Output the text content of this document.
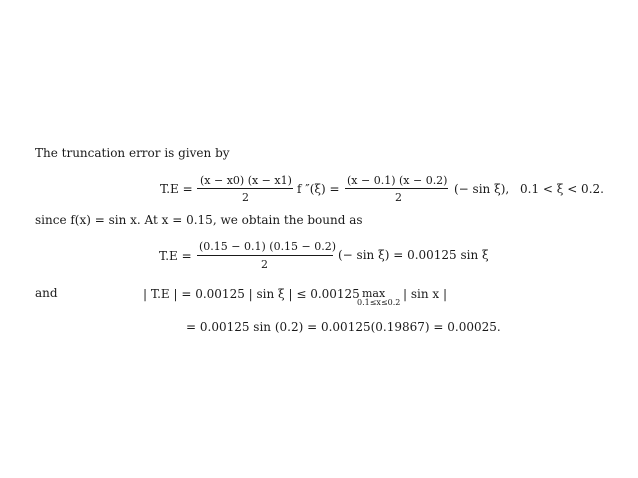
The truncation error is given by
T.E =
(x − x0) (x − x1)
2
f ″(ξ) =
(x − 0.1) (x − 0.2)
2
(− sin ξ), 0.1 < ξ < 0.2.
since f(x) = sin x. At x = 0.15, we obtain the bound as
T.E =
(0.15 − 0.1) (0.15 − 0.2)
2
(− sin ξ) = 0.00125 sin ξ
and	| T.E | = 0.00125 | sin ξ | ≤ 0.00125 max
0.1≤x≤0.2
| sin x |
= 0.00125 sin (0.2) = 0.00125(0.19867) = 0.00025.
